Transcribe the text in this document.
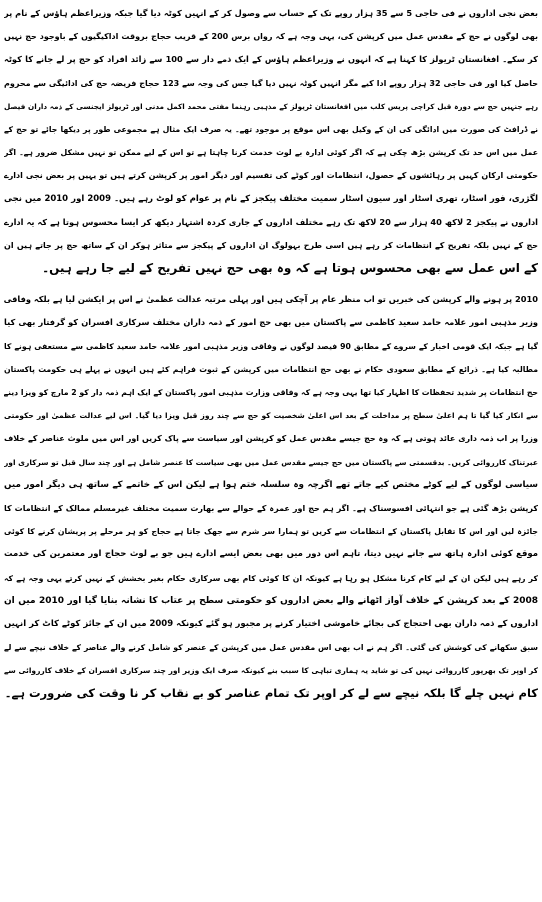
بعض نجی اداروں نے فی حاجی 5 سے 35 ہزار روپے تک کے حساب سے وصول کر کے انہیں کوٹہ دیا گیا جبکہ وزیراعظم ہاؤس کے نام پر
بھی لوگوں نے حج کے مقدس عمل میں کرپشن کی، یہی وجہ ہے کہ رواں برس 200 کے قریب حجاج بروقت اداکیگیوں کے باوجود حج نہیں
کر سکے۔ افغانستان ٹریولز کا کہنا ہے کہ انہوں نے وزیراعظم ہاؤس کے ایک ذمے دار سے 100 سے زائد افراد کو حج پر لے جانے کا کوٹہ
حاصل کیا اور فی حاجی 32 ہزار روپے ادا کیے مگر انہیں کوٹہ نہیں دیا گیا جس کی وجہ سے 123 حجاج فریضہ حج کی ادائیگی سے محروم
رہے جنہیں حج سے دورہ قبل کراچی پریس کلب میں افغانستان ٹریولز کے مذہبی رہنما مفتی محمد اکمل مدنی اور ٹریولز ایجنسی کے ذمہ داران فیصل
نے ڈرافٹ کی صورت میں ادائگی کی ان کے وکیل بھی اس موقع پر موجود تھے۔ یہ صرف ایک مثال ہے مجموعی طور پر دیکھا جائے تو حج کے
عمل میں اس حد تک کرپشن بڑھ چکی ہے کہ اگر کوئی ادارہ بے لوث خدمت کرنا چاہتا ہے تو اس کے لیے ممکن تو نہیں مشکل ضرور ہے۔ اگر
حکومتی ارکان کہیں پر رہائشوں کے حصول، انتظامات اور کوٹے کی تقسیم اور دیگر امور پر کرپشن کرتے ہیں تو یہیں پر بعض نجی ادارے
لگژری، فور اسٹار، تھری اسٹار اور سیون اسٹار سمیت مختلف پیکجز کے نام پر عوام کو لوٹ رہے ہیں۔ 2009 اور 2010 میں نجی
اداروں نے پیکجز 2 لاکھ 40 ہزار سے 20 لاکھ تک رہے مختلف اداروں کے جاری کردہ اشتہار دیکھ کر ایسا محسوس ہوتا ہے کہ یہ ادارے
حج کے نہیں بلکہ تفریح کے انتظامات کر رہے ہیں اسی طرح بہولوگ ان اداروں کے پیکجز سے متاثر ہوکر ان کے ساتھ حج پر جاتے ہیں ان
کے اس عمل سے بھی محسوس ہوتا ہے کہ وہ بھی حج نہیں تفریح کے لیے جا رہے ہیں۔
2010 پر ہونے والے کرپشن کی خبریں تو اب منظر عام پر آچکی ہیں اور پہلی مرتبہ عدالت عظمیٰ نے اس پر ایکشن لیا ہے بلکہ وفاقی
وزیر مذہبی امور علامہ حامد سعید کاظمی سے پاکستان میں بھی حج امور کے ذمہ داران مختلف سرکاری افسران کو گرفتار بھی کیا
گیا ہے جبکہ ایک قومی اخبار کے سروے کے مطابق 90 فیصد لوگوں نے وفاقی وزیر مذہبی امور علامہ حامد سعید کاظمی سے مستعفی ہونے کا
مطالبہ کیا ہے۔ ذرائع کے مطابق سعودی حکام نے بھی حج انتظامات میں کرپشن کے ثبوت فراہم کئے ہیں انہوں نے پہلے ہی حکومت پاکستان
حج انتظامات پر شدید تحفظات کا اظہار کیا تھا یہی وجہ ہے کہ وفاقی وزارت مذہبی امور پاکستان کے ایک اہم ذمہ دار کو 2 مارچ کو ویزا دینے
سے انکار کیا گیا تا ہم اعلیٰ سطح پر مداخلت کے بعد اس اعلیٰ شخصیت کو حج سے چند روز قبل ویزا دیا گیا۔ اس لیے عدالت عظمیٰ اور حکومتی
وزرا پر اب ذمہ داری عائد ہوتی ہے کہ وہ حج جیسے مقدس عمل کو کرپشن اور سیاست سے پاک کریں اور اس میں ملوث عناصر کے خلاف
عبرتناک کارروائی کریں۔ بدقسمتی سے پاکستان میں حج جیسے مقدس عمل میں بھی سیاست کا عنصر شامل ہے اور چند سال قبل تو سرکاری اور
سیاسی لوگوں کے لیے کوٹے مختص کیے جاتے تھے اگرچہ وہ سلسلہ ختم ہوا ہے لیکن اس کے خاتمے کے ساتھ ہی دیگر امور میں
کرپشن بڑھ گئی ہے جو انتہائی افسوسناک ہے۔ اگر ہم حج اور عمرہ کے حوالے سے بھارت سمیت مختلف غیرمسلم ممالک کے انتظامات کا
جائزہ لیں اور اس کا تقابل پاکستان کے انتظامات سے کریں تو ہمارا سر شرم سے جھک جاتا ہے حجاج کو ہر مرحلے پر پریشان کرنے کا کوئی
موقع کوئی ادارہ ہاتھ سے جانے نہیں دیتا، تاہم اس دور میں بھی بعض ایسے ادارے ہیں جو بے لوث حجاج اور معتمرین کی خدمت
کر رہے ہیں لیکن ان کے لیے کام کرنا مشکل ہو رہا ہے کیونکہ ان کا کوئی کام بھی سرکاری حکام بغیر بخشش کے نہیں کرتے یہی وجہ ہے کہ
2008 کے بعد کرپشن کے خلاف آواز اٹھانے والے بعض اداروں کو حکومتی سطح پر عتاب کا نشانہ بنایا گیا اور 2010 میں ان
اداروں کے ذمہ داران بھی احتجاج کی بجائے خاموشی اختیار کرنے پر مجبور ہو گئے کیونکہ 2009 میں ان کے جائز کوٹے کاٹ کر انہیں
سبق سکھانے کی کوشش کی گئی۔ اگر ہم نے اب بھی اس مقدس عمل میں کرپشن کے عنصر کو شامل کرنے والے عناصر کے خلاف نیچے سے لے
کر اوپر تک بھرپور کارروائی نہیں کی تو شاید یہ ہماری تباہی کا سبب بنے کیونکہ صرف ایک وزیر اور چند سرکاری افسران کے خلاف کارروائی سے
کام نہیں چلے گا بلکہ نیچے سے لے کر اوپر تک تمام عناصر کو بے نقاب کر نا وقت کی ضرورت ہے۔
